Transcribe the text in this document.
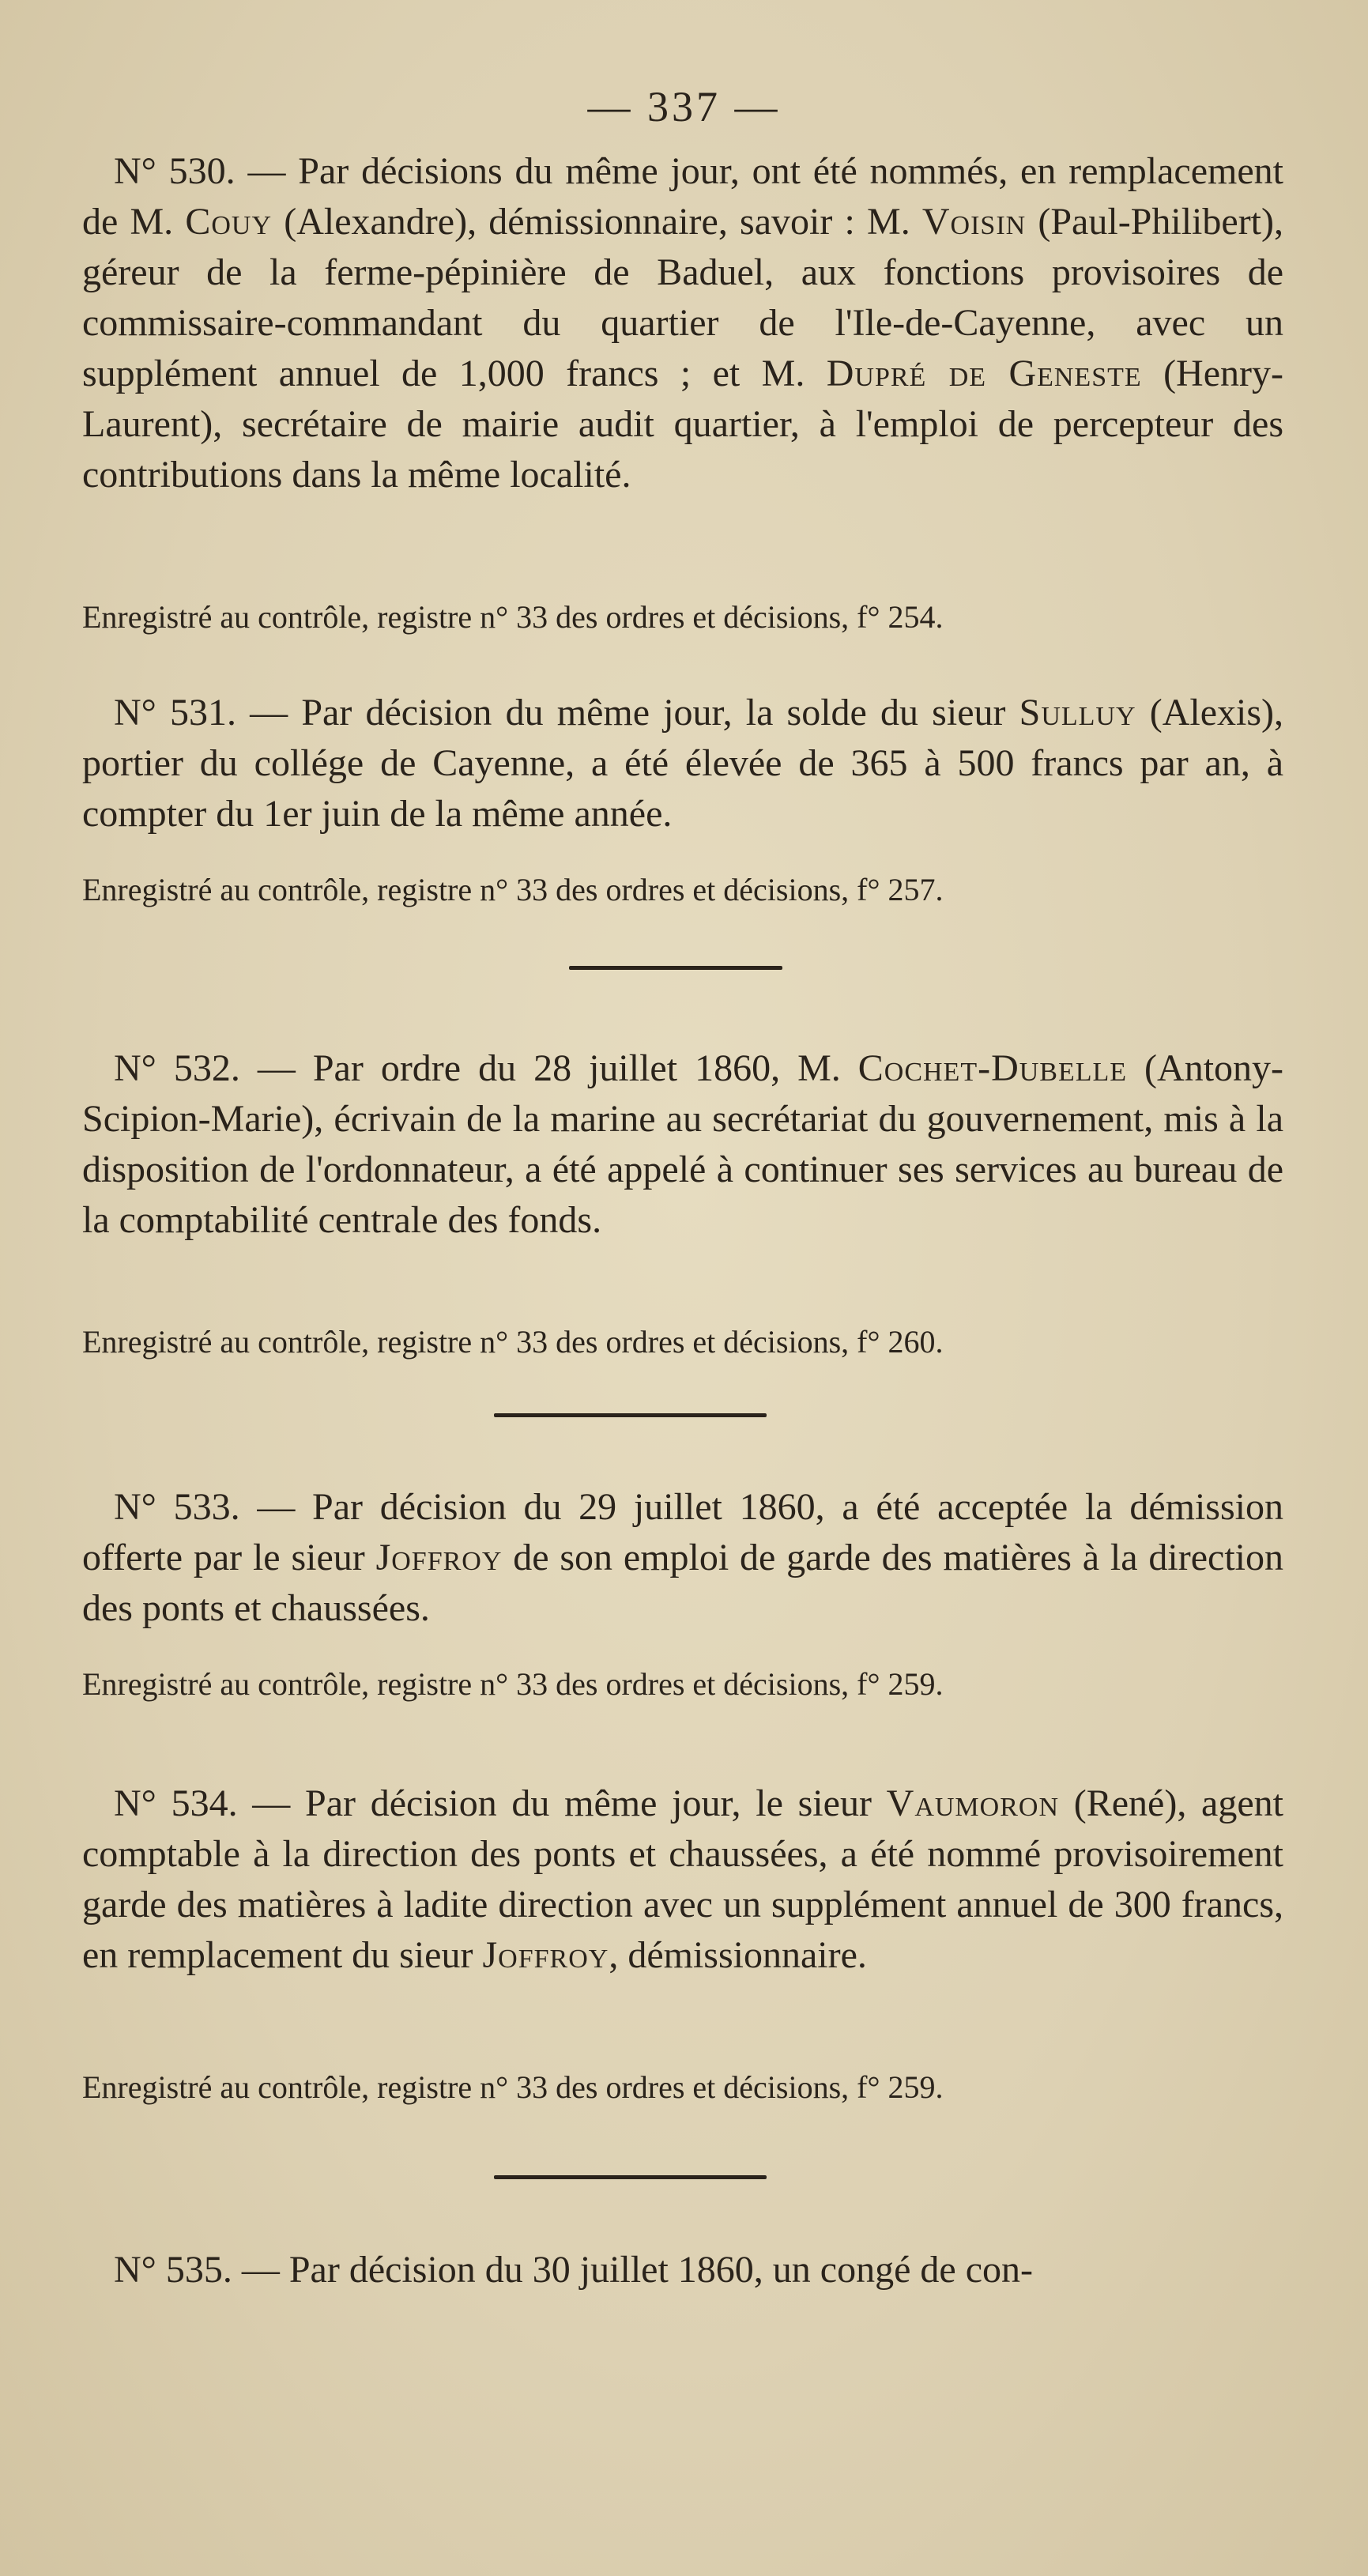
— 337 —

N° 530. — Par décisions du même jour, ont été nommés, en remplacement de M. Couy (Alexandre), démissionnaire, savoir : M. Voisin (Paul-Philibert), géreur de la ferme-pépinière de Baduel, aux fonctions provisoires de commissaire-commandant du quartier de l'Ile-de-Cayenne, avec un supplément annuel de 1,000 francs ; et M. Dupré de Geneste (Henry-Laurent), secrétaire de mairie audit quartier, à l'emploi de percepteur des contributions dans la même localité.

Enregistré au contrôle, registre n° 33 des ordres et décisions, f° 254.

N° 531. — Par décision du même jour, la solde du sieur Sulluy (Alexis), portier du collége de Cayenne, a été élevée de 365 à 500 francs par an, à compter du 1er juin de la même année.

Enregistré au contrôle, registre n° 33 des ordres et décisions, f° 257.

N° 532. — Par ordre du 28 juillet 1860, M. Cochet-Dubelle (Antony-Scipion-Marie), écrivain de la marine au secrétariat du gouvernement, mis à la disposition de l'ordonnateur, a été appelé à continuer ses services au bureau de la comptabilité centrale des fonds.

Enregistré au contrôle, registre n° 33 des ordres et décisions, f° 260.

N° 533. — Par décision du 29 juillet 1860, a été acceptée la démission offerte par le sieur Joffroy de son emploi de garde des matières à la direction des ponts et chaussées.

Enregistré au contrôle, registre n° 33 des ordres et décisions, f° 259.

N° 534. — Par décision du même jour, le sieur Vaumoron (René), agent comptable à la direction des ponts et chaussées, a été nommé provisoirement garde des matières à ladite direction avec un supplément annuel de 300 francs, en remplacement du sieur Joffroy, démissionnaire.

Enregistré au contrôle, registre n° 33 des ordres et décisions, f° 259.

N° 535. — Par décision du 30 juillet 1860, un congé de con-
